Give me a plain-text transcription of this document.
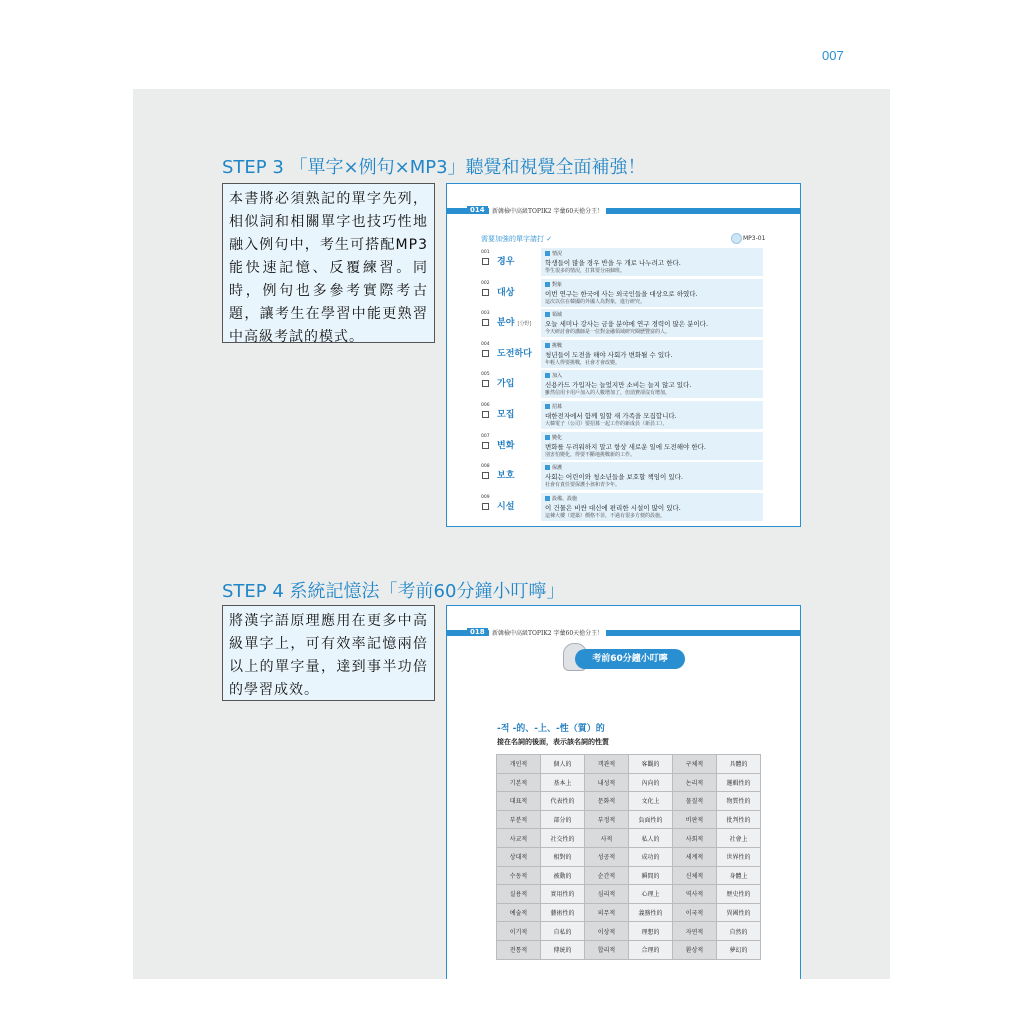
007
STEP 3 「單字×例句×MP3」聽覺和視覺全面補強！
本書將必須熟記的單字先列，相似詞和相關單字也技巧性地融入例句中，考生可搭配MP3能快速記憶、反覆練習。同時，例句也多參考實際考古題，讓考生在學習中能更熟習中高級考試的模式。
014	新韓檢中高級TOPIK2 字彙60天搶分王！
需要加強的單字請打 ✓	MP3-01
001
경우
情況
학생들이 많을 경우 반을 두 개로 나누려고 한다.
學生很多的情況，打算要分兩個班。
002
대상
對象
이번 연구는 한국에 사는 외국인들을 대상으로 하였다.
這次以住在韓國的外國人為對象，進行研究。
003
분야 [分野]
領域
오늘 세미나 강사는 금융 분야에 연구 경력이 많은 분이다.
今天研討會的講師是一位對金融領域研究閱歷豐富的人。
004
도전하다
挑戰
청년들이 도전을 해야 사회가 변화될 수 있다.
年輕人得要挑戰，社會才會改變。
005
가입
加入
신용카드 가입자는 늘었지만 소비는 늘지 않고 있다.
雖然信用卡用戶加入的人數增加了，但消費卻沒有增加。
006
모집
招募
대한전자에서 함께 일할 새 가족을 모집합니다.
大韓電子（公司）要招募一起工作的新成員（新員工）。
007
변화
變化
변화를 두려워하지 말고 항상 새로운 일에 도전해야 한다.
別害怕變化，得要不斷地挑戰新的工作。
008
보호
保護
사회는 어린이와 청소년들을 보호할 책임이 있다.
社會有責任要保護小孩和青少年。
009
시설
設備、設施
이 건물은 비싼 대신에 편리한 시설이 많이 있다.
這棟大樓（建築）價格不菲，不過有很多方便的設施。
STEP 4 系統記憶法「考前60分鐘小叮嚀」
將漢字語原理應用在更多中高級單字上，可有效率記憶兩倍以上的單字量，達到事半功倍的學習成效。
018	新韓檢中高級TOPIK2 字彙60天搶分王！
考前60分鐘小叮嚀
-적 -的、-上、-性（質）的
接在名詞的後面，表示該名詞的性質
개인적	個人的	객관적	客觀的	구체적	具體的
기본적	基本上	내성적	內向的	논리적	邏輯性的
대표적	代表性的	문화적	文化上	물질적	物質性的
부분적	部分的	부정적	負面性的	비판적	批判性的
사교적	社交性的	사적	私人的	사회적	社會上
상대적	相對的	성공적	成功的	세계적	世界性的
수동적	被動的	순간적	瞬間的	신체적	身體上
실용적	實用性的	심리적	心理上	역사적	歷史性的
예술적	藝術性的	의무적	義務性的	이국적	異國性的
이기적	自私的	이상적	理想的	자연적	自然的
전통적	傳統的	합리적	合理的	환상적	夢幻的
